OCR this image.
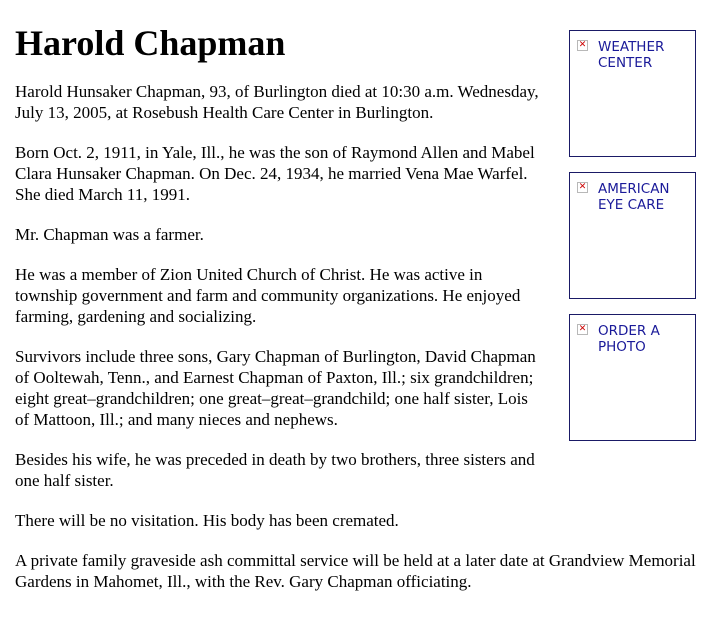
✕ WEATHER CENTER
✕ AMERICAN EYE CARE
✕ ORDER A PHOTO
Harold Chapman

Harold Hunsaker Chapman, 93, of Burlington died at 10:30 a.m. Wednesday, July 13, 2005, at Rosebush Health Care Center in Burlington.

Born Oct. 2, 1911, in Yale, Ill., he was the son of Raymond Allen and Mabel Clara Hunsaker Chapman. On Dec. 24, 1934, he married Vena Mae Warfel. She died March 11, 1991.

Mr. Chapman was a farmer.

He was a member of Zion United Church of Christ. He was active in township government and farm and community organizations. He enjoyed farming, gardening and socializing.

Survivors include three sons, Gary Chapman of Burlington, David Chapman of Ooltewah, Tenn., and Earnest Chapman of Paxton, Ill.; six grandchildren; eight great–grandchildren; one great–great–grandchild; one half sister, Lois of Mattoon, Ill.; and many nieces and nephews.

Besides his wife, he was preceded in death by two brothers, three sisters and one half sister.

There will be no visitation. His body has been cremated.

A private family graveside ash committal service will be held at a later date at Grandview Memorial Gardens in Mahomet, Ill., with the Rev. Gary Chapman officiating.
